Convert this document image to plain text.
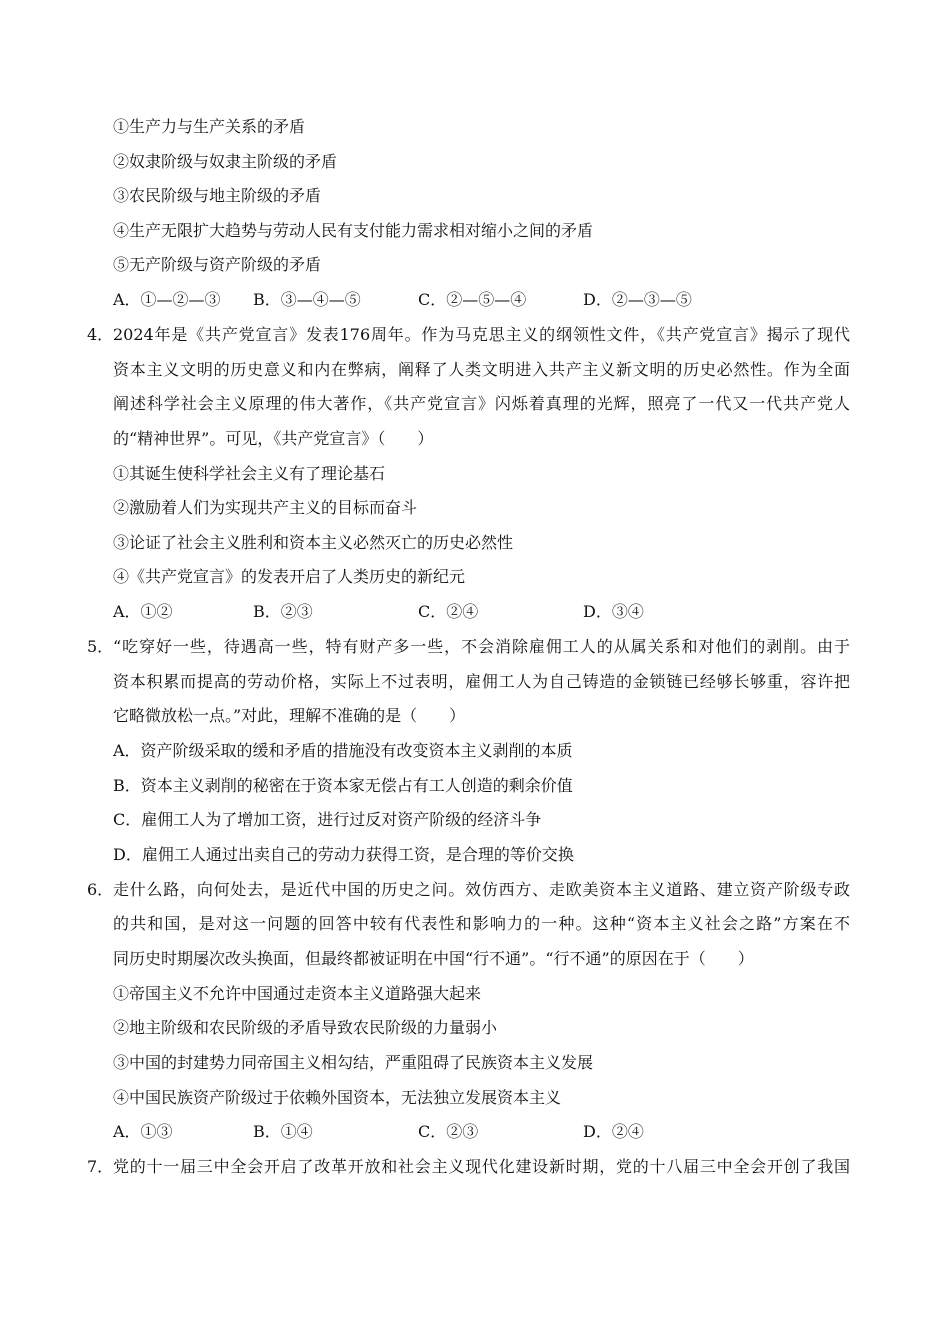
①生产力与生产关系的矛盾
②奴隶阶级与奴隶主阶级的矛盾
③农民阶级与地主阶级的矛盾
④生产无限扩大趋势与劳动人民有支付能力需求相对缩小之间的矛盾
⑤无产阶级与资产阶级的矛盾
A．①—②—③ B．③—④—⑤	C．②—⑤—④	D．②—③—⑤
4． 2024年是《共产党宣言》发表176周年。作为马克思主义的纲领性文件，《共产党宣言》揭示了现代
资本主义文明的历史意义和内在弊病，阐释了人类文明进入共产主义新文明的历史必然性。作为全面
阐述科学社会主义原理的伟大著作，《共产党宣言》闪烁着真理的光辉，照亮了一代又一代共产党人
的“精神世界”。可见，《共产党宣言》（　　）
①其诞生使科学社会主义有了理论基石
②激励着人们为实现共产主义的目标而奋斗
③论证了社会主义胜利和资本主义必然灭亡的历史必然性
④《共产党宣言》的发表开启了人类历史的新纪元
A．①②	B．②③	C．②④	D．③④
5． “吃穿好一些，待遇高一些，特有财产多一些，不会消除雇佣工人的从属关系和对他们的剥削。由于
资本积累而提高的劳动价格，实际上不过表明，雇佣工人为自己铸造的金锁链已经够长够重，容许把
它略微放松一点。”对此，理解不准确的是（　　）
A．资产阶级采取的缓和矛盾的措施没有改变资本主义剥削的本质
B．资本主义剥削的秘密在于资本家无偿占有工人创造的剩余价值
C．雇佣工人为了增加工资，进行过反对资产阶级的经济斗争
D．雇佣工人通过出卖自己的劳动力获得工资，是合理的等价交换
6． 走什么路，向何处去，是近代中国的历史之问。效仿西方、走欧美资本主义道路、建立资产阶级专政
的共和国，是对这一问题的回答中较有代表性和影响力的一种。这种“资本主义社会之路”方案在不
同历史时期屡次改头换面，但最终都被证明在中国“行不通”。“行不通”的原因在于（　　）
①帝国主义不允许中国通过走资本主义道路强大起来
②地主阶级和农民阶级的矛盾导致农民阶级的力量弱小
③中国的封建势力同帝国主义相勾结，严重阻碍了民族资本主义发展
④中国民族资产阶级过于依赖外国资本，无法独立发展资本主义
A．①③	B．①④	C．②③	D．②④
7． 党的十一届三中全会开启了改革开放和社会主义现代化建设新时期，党的十八届三中全会开创了我国
